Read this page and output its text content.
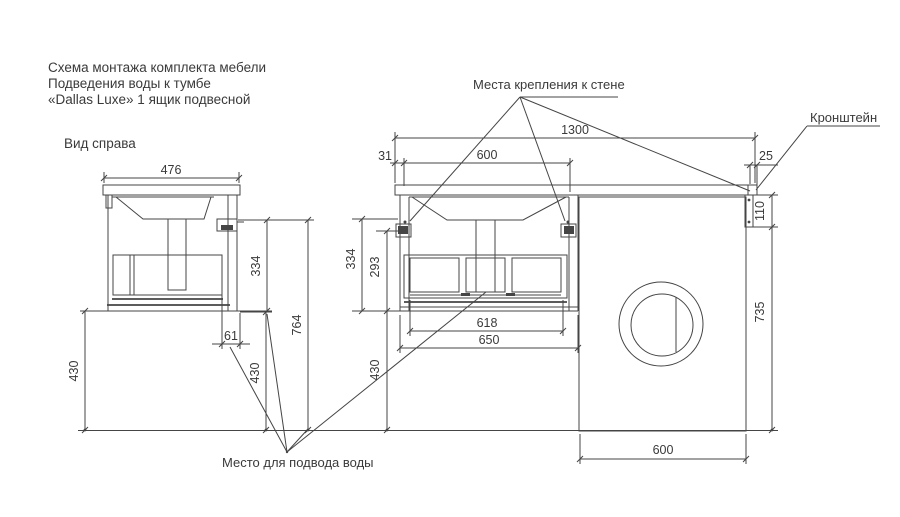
Схема монтажа комплекта мебели
Подведения воды к тумбе
«Dallas Luxe» 1 ящик подвесной
Вид справа
476
334
764
61
430	430
1300
31	600	25
110
735
334 293
430
618
650
600
Места крепления к стене
Кронштейн
Место для подвода воды
